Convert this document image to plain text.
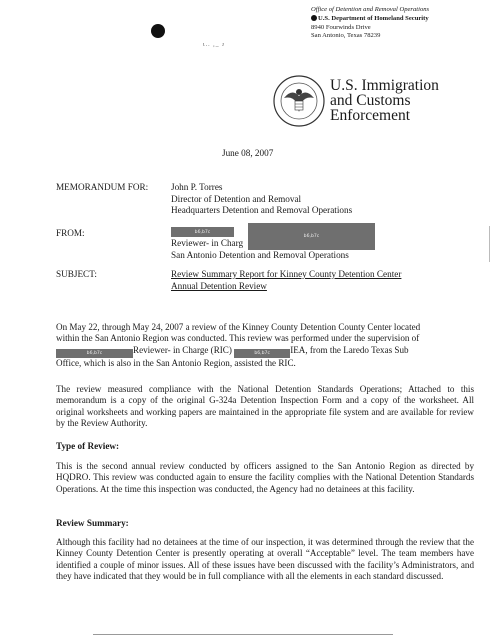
ι.. ,_ ᴊ
Office of Detention and Removal Operations
U.S. Department of Homeland Security
8940 Fourwinds Drive
San Antonio, Texas 78239
U.S. Immigration
and Customs
Enforcement
June 08, 2007
MEMORANDUM FOR: John P. Torres
Director of Detention and Removal
Headquarters Detention and Removal Operations
FROM:	b6,b7c
b6,b7c
Reviewer- in Charg
San Antonio Detention and Removal Operations
SUBJECT:	Review Summary Report for Kinney County Detention Center
Annual Detention Review
On May 22, through May 24, 2007 a review of the Kinney County Detention County Center located
within the San Antonio Region was conducted. This review was performed under the supervision of
b6,b7c	Reviewer- in Charge (RIC)	b6,b7c IEA, from the Laredo Texas Sub
Office, which is also in the San Antonio Region, assisted the RIC.
The review measured compliance with the National Detention Standards Operations; Attached to this memorandum is a copy of the original G-324a Detention Inspection Form and a copy of the worksheet. All original worksheets and working papers are maintained in the appropriate file system and are available for review by the Review Authority.
Type of Review:
This is the second annual review conducted by officers assigned to the San Antonio Region as directed by HQDRO. This review was conducted again to ensure the facility complies with the National Detention Standards Operations. At the time this inspection was conducted, the Agency had no detainees at this facility.
Review Summary:
Although this facility had no detainees at the time of our inspection, it was determined through the review that the Kinney County Detention Center is presently operating at overall “Acceptable” level. The team members have identified a couple of minor issues. All of these issues have been discussed with the facility’s Administrators, and they have indicated that they would be in full compliance with all the elements in each standard discussed.
